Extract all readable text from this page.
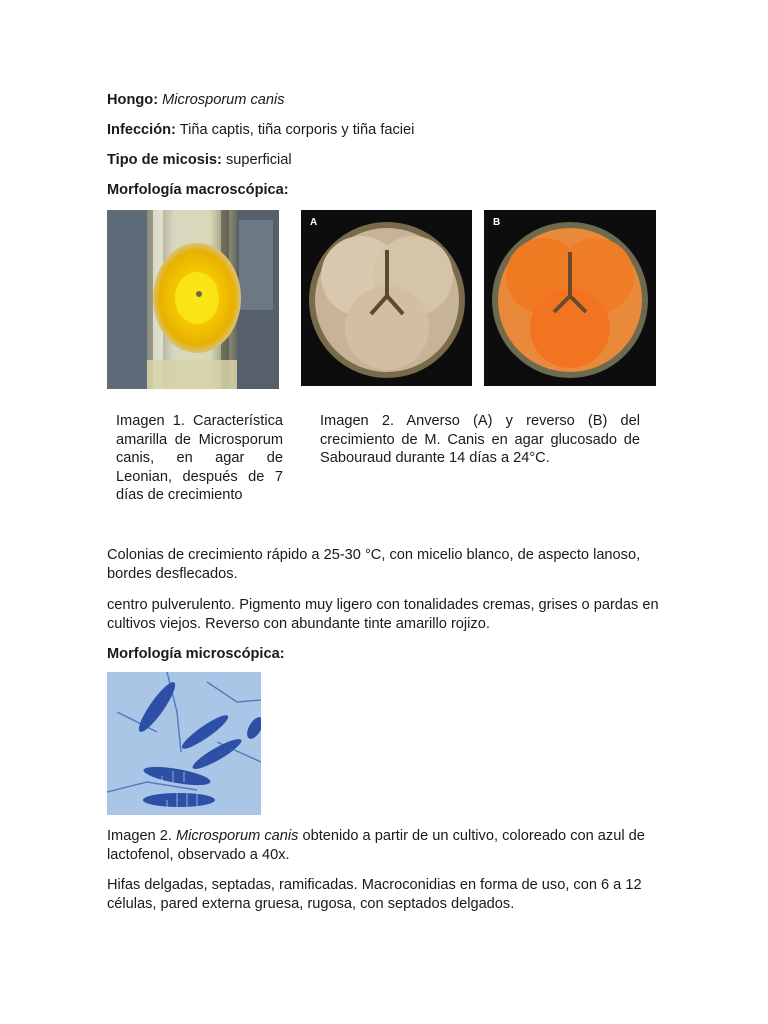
Hongo: Microsporum canis
Infección: Tiña captis, tiña corporis y tiña faciei
Tipo de micosis: superficial
Morfología macroscópica:
A	B
Imagen 1. Característica amarilla de Microsporum canis, en agar de Leonian, después de 7 días de crecimiento
Imagen 2. Anverso (A) y reverso (B) del crecimiento de M. Canis en agar glucosado de Sabouraud durante 14 días a 24°C.
Colonias de crecimiento rápido a 25-30 °C, con micelio blanco, de aspecto lanoso, bordes desflecados.
centro pulverulento. Pigmento muy ligero con tonalidades cremas, grises o pardas en cultivos viejos. Reverso con abundante tinte amarillo rojizo.
Morfología microscópica:
Imagen 2. Microsporum canis obtenido a partir de un cultivo, coloreado con azul de lactofenol, observado a 40x.
Hifas delgadas, septadas, ramificadas. Macroconidias en forma de uso, con 6 a 12 células, pared externa gruesa, rugosa, con septados delgados.
